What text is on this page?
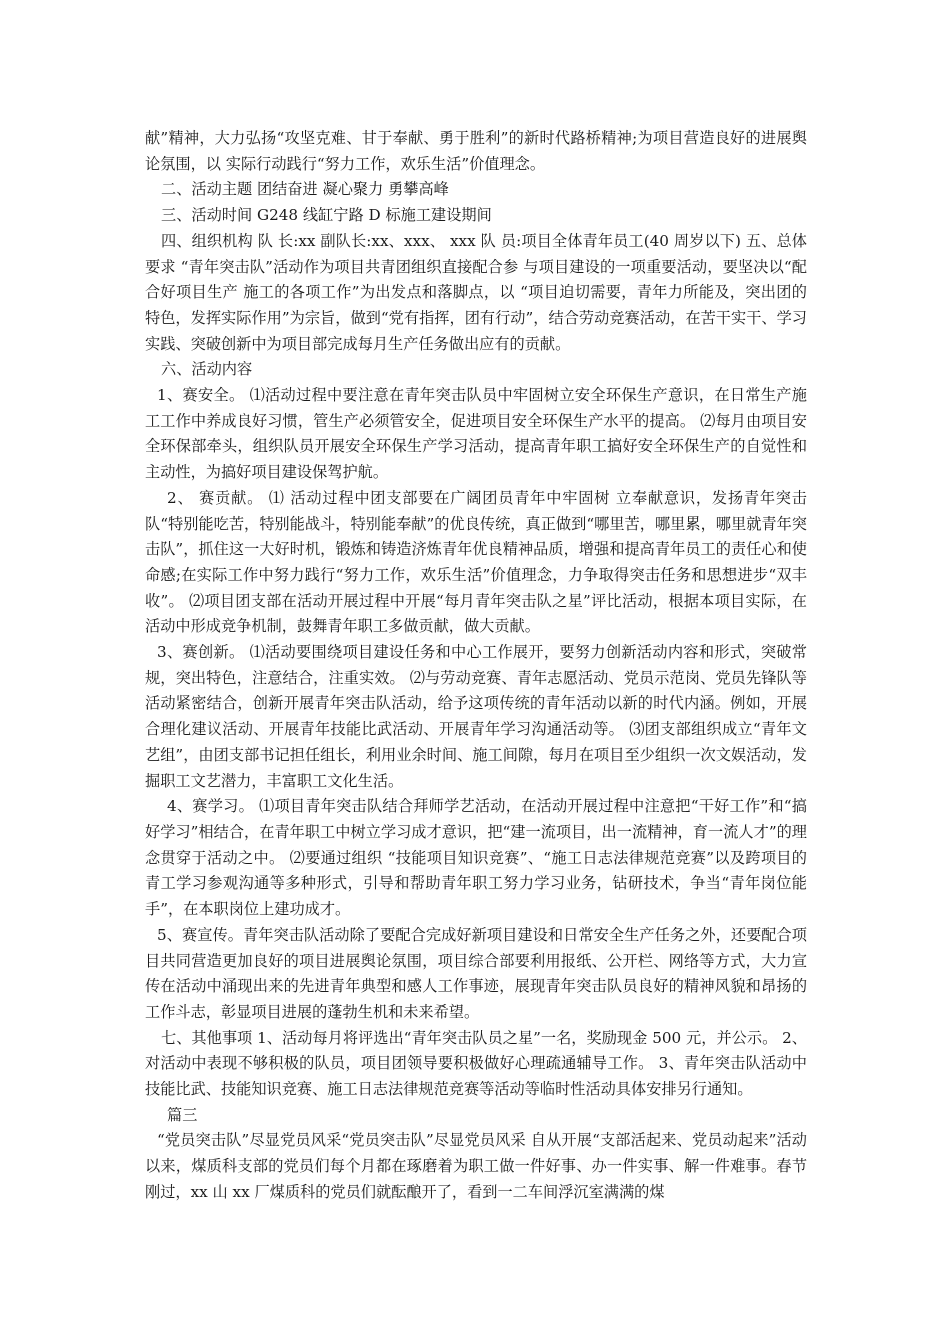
献”精神，大力弘扬“攻坚克难、甘于奉献、勇于胜利”的新时代路桥精神;为项目营造良好的进展舆论氛围，以 实际行动践行“努力工作，欢乐生活”价值理念。

二、活动主题 团结奋进 凝心聚力 勇攀高峰

三、活动时间 G248 线缸宁路 D 标施工建设期间

四、组织机构 队 长:xx 副队长:xx、xxx、 xxx 队 员:项目全体青年员工(40 周岁以下) 五、总体要求 “青年突击队”活动作为项目共青团组织直接配合参 与项目建设的一项重要活动，要坚决以“配合好项目生产 施工的各项工作”为出发点和落脚点，以 “项目迫切需要，青年力所能及，突出团的特色，发挥实际作用”为宗旨，做到“党有指挥，团有行动”，结合劳动竞赛活动，在苦干实干、学习实践、突破创新中为项目部完成每月生产任务做出应有的贡献。

六、活动内容

1、赛安全。 ⑴活动过程中要注意在青年突击队员中牢固树立安全环保生产意识，在日常生产施工工作中养成良好习惯，管生产必须管安全，促进项目安全环保生产水平的提高。 ⑵每月由项目安全环保部牵头，组织队员开展安全环保生产学习活动，提高青年职工搞好安全环保生产的自觉性和主动性，为搞好项目建设保驾护航。

2、 赛贡献。 ⑴ 活动过程中团支部要在广阔团员青年中牢固树 立奉献意识，发扬青年突击队“特别能吃苦，特别能战斗，特别能奉献”的优良传统，真正做到“哪里苦，哪里累，哪里就青年突击队”，抓住这一大好时机，锻炼和铸造济炼青年优良精神品质，增强和提高青年员工的责任心和使命感;在实际工作中努力践行“努力工作，欢乐生活”价值理念，力争取得突击任务和思想进步“双丰收”。 ⑵项目团支部在活动开展过程中开展“每月青年突击队之星”评比活动，根据本项目实际，在活动中形成竞争机制，鼓舞青年职工多做贡献，做大贡献。

3、赛创新。 ⑴活动要围绕项目建设任务和中心工作展开，要努力创新活动内容和形式，突破常规，突出特色，注意结合，注重实效。 ⑵与劳动竞赛、青年志愿活动、党员示范岗、党员先锋队等活动紧密结合，创新开展青年突击队活动，给予这项传统的青年活动以新的时代内涵。例如，开展合理化建议活动、开展青年技能比武活动、开展青年学习沟通活动等。 ⑶团支部组织成立“青年文艺组”，由团支部书记担任组长，利用业余时间、施工间隙，每月在项目至少组织一次文娱活动，发掘职工文艺潜力，丰富职工文化生活。

4、赛学习。 ⑴项目青年突击队结合拜师学艺活动，在活动开展过程中注意把“干好工作”和“搞好学习”相结合，在青年职工中树立学习成才意识，把“建一流项目，出一流精神，育一流人才”的理念贯穿于活动之中。 ⑵要通过组织 “技能项目知识竞赛”、“施工日志法律规范竞赛”以及跨项目的青工学习参观沟通等多种形式，引导和帮助青年职工努力学习业务，钻研技术，争当“青年岗位能手”，在本职岗位上建功成才。

5、赛宣传。青年突击队活动除了要配合完成好新项目建设和日常安全生产任务之外，还要配合项目共同营造更加良好的项目进展舆论氛围，项目综合部要利用报纸、公开栏、网络等方式，大力宣传在活动中涌现出来的先进青年典型和感人工作事迹，展现青年突击队员良好的精神风貌和昂扬的工作斗志，彰显项目进展的蓬勃生机和未来希望。

七、其他事项 1、活动每月将评选出“青年突击队员之星”一名，奖励现金 500 元，并公示。 2、对活动中表现不够积极的队员，项目团领导要积极做好心理疏通辅导工作。 3、青年突击队活动中技能比武、技能知识竞赛、施工日志法律规范竞赛等活动等临时性活动具体安排另行通知。

篇三

“党员突击队”尽显党员风采“党员突击队”尽显党员风采 自从开展“支部活起来、党员动起来”活动以来，煤质科支部的党员们每个月都在琢磨着为职工做一件好事、办一件实事、解一件难事。春节刚过，xx 山 xx 厂煤质科的党员们就酝酿开了，看到一二车间浮沉室满满的煤
